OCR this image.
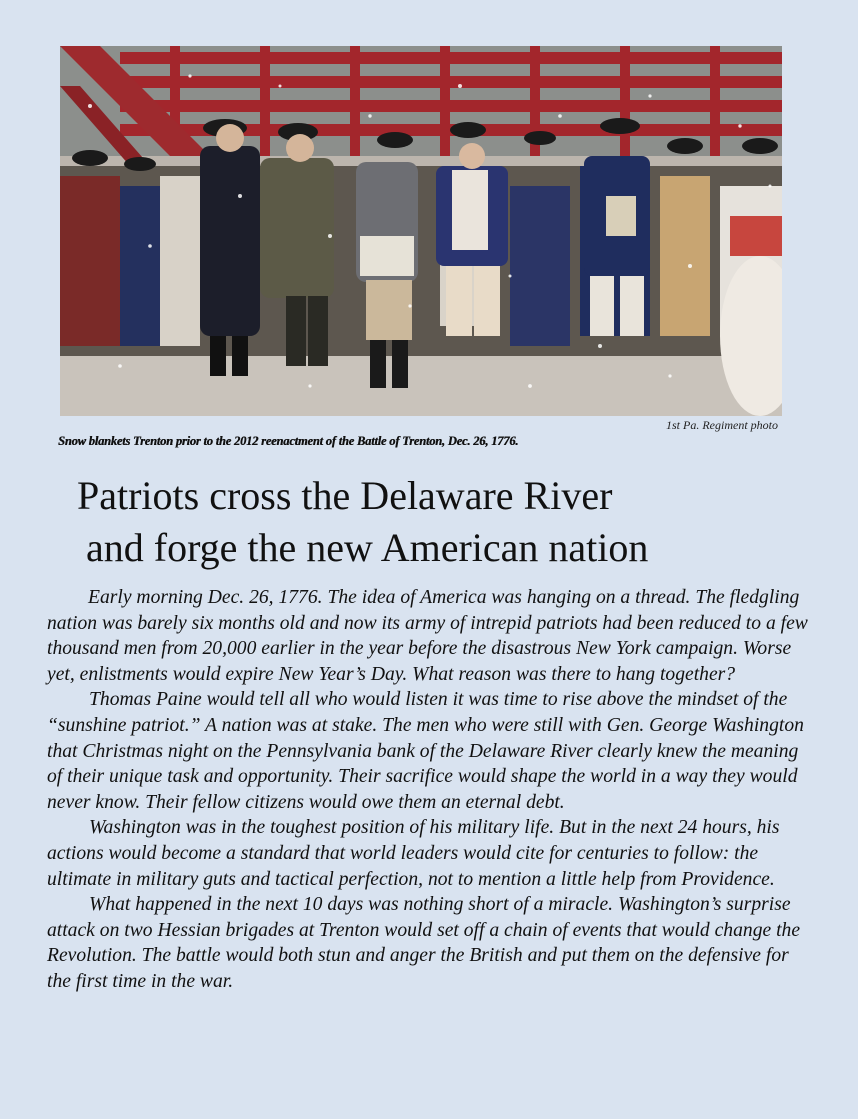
1st Pa. Regiment photo
Snow blankets Trenton prior to the 2012 reenactment of the Battle of Trenton, Dec. 26, 1776.
Patriots cross the Delaware River
and forge the new American nation

Early morning Dec. 26, 1776. The idea of America was hanging on a thread. The fledgling nation was barely six months old and now its army of intrepid patriots had been reduced to a few thousand men from 20,000 earlier in the year before the disastrous New York campaign. Worse yet, enlistments would expire New Year’s Day. What reason was there to hang together?

Thomas Paine would tell all who would listen it was time to rise above the mindset of the “sunshine patriot.” A nation was at stake. The men who were still with Gen. George Washington that Christmas night on the Pennsylvania bank of the Delaware River clearly knew the meaning of their unique task and opportunity. Their sacrifice would shape the world in a way they would never know. Their fellow citizens would owe them an eternal debt.

Washington was in the toughest position of his military life. But in the next 24 hours, his actions would become a standard that world leaders would cite for centuries to follow: the ultimate in military guts and tactical perfection, not to mention a little help from Providence.

What happened in the next 10 days was nothing short of a miracle. Washington’s surprise attack on two Hessian brigades at Trenton would set off a chain of events that would change the Revolution. The battle would both stun and anger the British and put them on the defensive for the first time in the war.
